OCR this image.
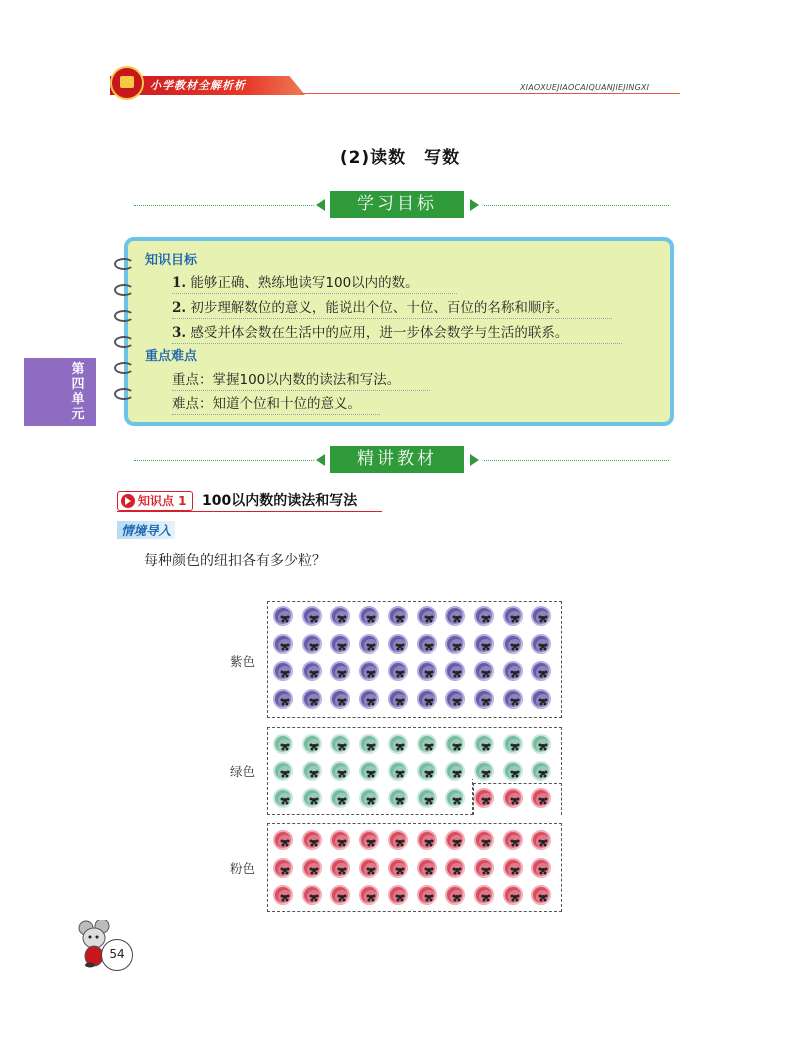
小学教材全解析析	XIAOXUEJIAOCAIQUANJIEJINGXI
(2)读数　写数
学习目标
知识目标
1. 能够正确、熟练地读写100以内的数。
2. 初步理解数位的意义，能说出个位、十位、百位的名称和顺序。
3. 感受并体会数在生活中的应用，进一步体会数学与生活的联系。
重点难点
重点：掌握100以内数的读法和写法。
难点：知道个位和十位的意义。
第四单元
精讲教材
知识点 1	100以内数的读法和写法
情境导入
每种颜色的纽扣各有多少粒？
紫色
绿色
粉色
54
